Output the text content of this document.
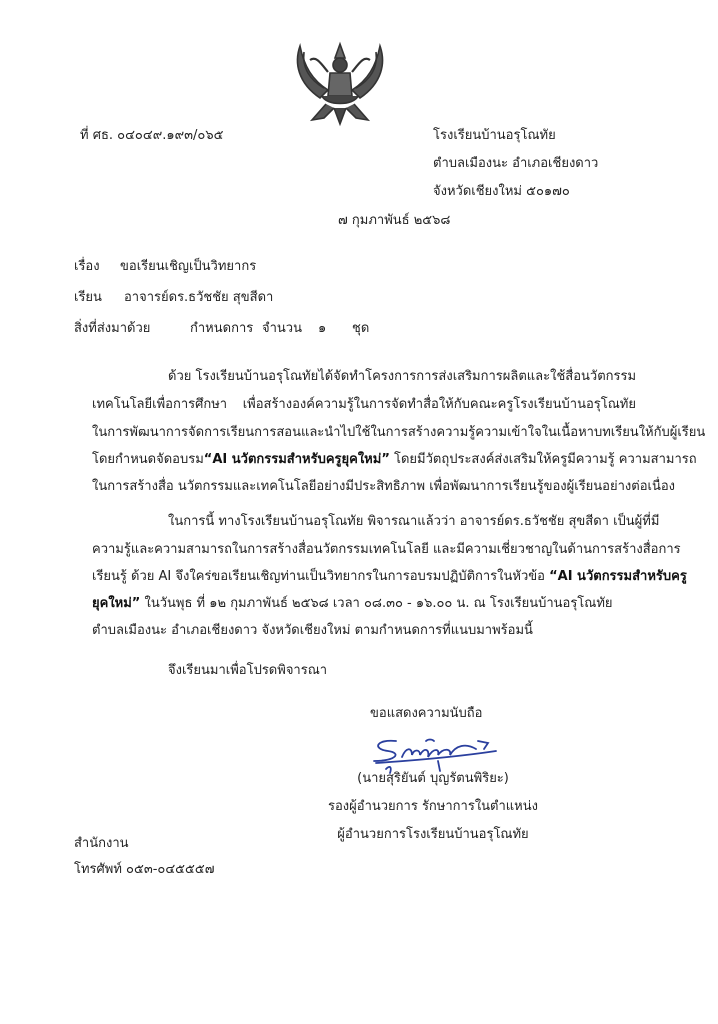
ที่ ศธ. ๐๔๐๔๙.๑๙๓/๐๖๕	โรงเรียนบ้านอรุโณทัย
ตำบลเมืองนะ อำเภอเชียงดาว
จังหวัดเชียงใหม่ ๕๐๑๗๐
๗ กุมภาพันธ์ ๒๕๖๘
เรื่อง ขอเรียนเชิญเป็นวิทยากร
เรียน อาจารย์ดร.ธวัชชัย สุขสีดา
สิ่งที่ส่งมาด้วย	กำหนดการ จำนวน ๑ ชุด
ด้วย โรงเรียนบ้านอรุโณทัยได้จัดทำโครงการการส่งเสริมการผลิตและใช้สื่อนวัตกรรม
เทคโนโลยีเพื่อการศึกษา เพื่อสร้างองค์ความรู้ในการจัดทำสื่อให้กับคณะครูโรงเรียนบ้านอรุโณทัย
ในการพัฒนาการจัดการเรียนการสอนและนำไปใช้ในการสร้างความรู้ความเข้าใจในเนื้อหาบทเรียนให้กับผู้เรียน
โดยกำหนดจัดอบรม“AI นวัตกรรมสำหรับครูยุคใหม่” โดยมีวัตถุประสงค์ส่งเสริมให้ครูมีความรู้ ความสามารถ
ในการสร้างสื่อ นวัตกรรมและเทคโนโลยีอย่างมีประสิทธิภาพ เพื่อพัฒนาการเรียนรู้ของผู้เรียนอย่างต่อเนื่อง
ในการนี้ ทางโรงเรียนบ้านอรุโณทัย พิจารณาแล้วว่า อาจารย์ดร.ธวัชชัย สุขสีดา เป็นผู้ที่มี
ความรู้และความสามารถในการสร้างสื่อนวัตกรรมเทคโนโลยี และมีความเชี่ยวชาญในด้านการสร้างสื่อการ
เรียนรู้ ด้วย AI จึงใคร่ขอเรียนเชิญท่านเป็นวิทยากรในการอบรมปฏิบัติการในหัวข้อ “AI นวัตกรรมสำหรับครู
ยุคใหม่” ในวันพุธ ที่ ๑๒ กุมภาพันธ์ ๒๕๖๘ เวลา ๐๘.๓๐ - ๑๖.๐๐ น. ณ โรงเรียนบ้านอรุโณทัย
ตำบลเมืองนะ อำเภอเชียงดาว จังหวัดเชียงใหม่ ตามกำหนดการที่แนบมาพร้อมนี้
จึงเรียนมาเพื่อโปรดพิจารณา
ขอแสดงความนับถือ
(นายสุริยันต์ บุญรัตนพิริยะ)
รองผู้อำนวยการ รักษาการในตำแหน่ง
ผู้อำนวยการโรงเรียนบ้านอรุโณทัย
สำนักงาน
โทรศัพท์ ๐๕๓-๐๔๕๕๕๗
